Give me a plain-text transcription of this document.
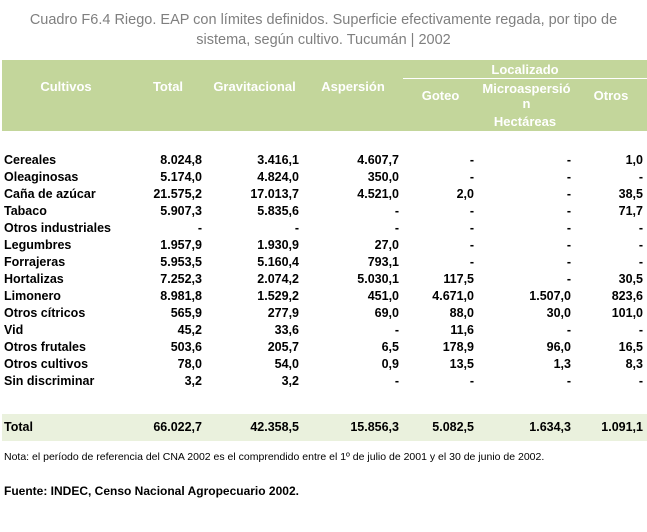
Cuadro F6.4 Riego. EAP con límites definidos. Superficie efectivamente regada, por tipo de
sistema, según cultivo. Tucumán | 2002
Cultivos	Total	Gravitacional	Aspersión	Localizado		
				Goteo	Microaspersió n	Otros
				Hectáreas		

Cereales	8.024,8	3.416,1	4.607,7	-	-	1,0
Oleaginosas	5.174,0	4.824,0	350,0	-	-	-
Caña de azúcar	21.575,2	17.013,7	4.521,0	2,0	-	38,5
Tabaco	5.907,3	5.835,6	-	-	-	71,7
Otros industriales	-	-	-	-	-	-
Legumbres	1.957,9	1.930,9	27,0	-	-	-
Forrajeras	5.953,5	5.160,4	793,1	-	-	-
Hortalizas	7.252,3	2.074,2	5.030,1	117,5	-	30,5
Limonero	8.981,8	1.529,2	451,0	4.671,0	1.507,0	823,6
Otros cítricos	565,9	277,9	69,0	88,0	30,0	101,0
Vid	45,2	33,6	-	11,6	-	-
Otros frutales	503,6	205,7	6,5	178,9	96,0	16,5
Otros cultivos	78,0	54,0	0,9	13,5	1,3	8,3
Sin discriminar	3,2	3,2	-	-	-	-

Total	66.022,7	42.358,5	15.856,3	5.082,5	1.634,3	1.091,1
Nota: el período de referencia del CNA 2002 es el comprendido entre el 1º de julio de 2001 y el 30 de junio de 2002.
Fuente: INDEC, Censo Nacional Agropecuario 2002.
